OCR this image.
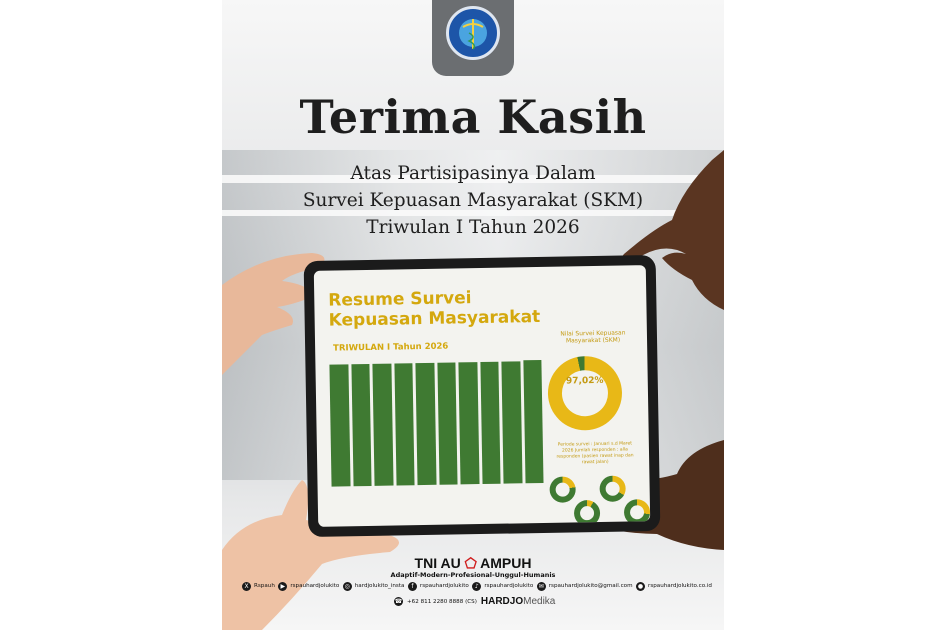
Terima Kasih
Atas Partisipasinya Dalam
Survei Kepuasan Masyarakat (SKM)
Triwulan I Tahun 2026
Resume Survei
Kepuasan Masyarakat
TRIWULAN I Tahun 2026
Nilai Survei Kepuasan Masyarakat (SKM)
97,02%
Periode survei : Januari s.d Maret 2026 Jumlah responden : alla responden (pasien rawat inap dan rawat jalan)
TNI AU ⬠ AMPUH
Adaptif-Modern-Profesional-Unggul-Humanis
X Rspauh ▶ rspauhardjolukito ◎ hardjolukito_insta	f	rspauhardjolukito	♪ rspauhardjolukito ✉ rspauhardjolukito@gmail.com ● rspauhardjolukito.co.id
☎ +62 811 2280 8888 (CS) HARDJOMedika
